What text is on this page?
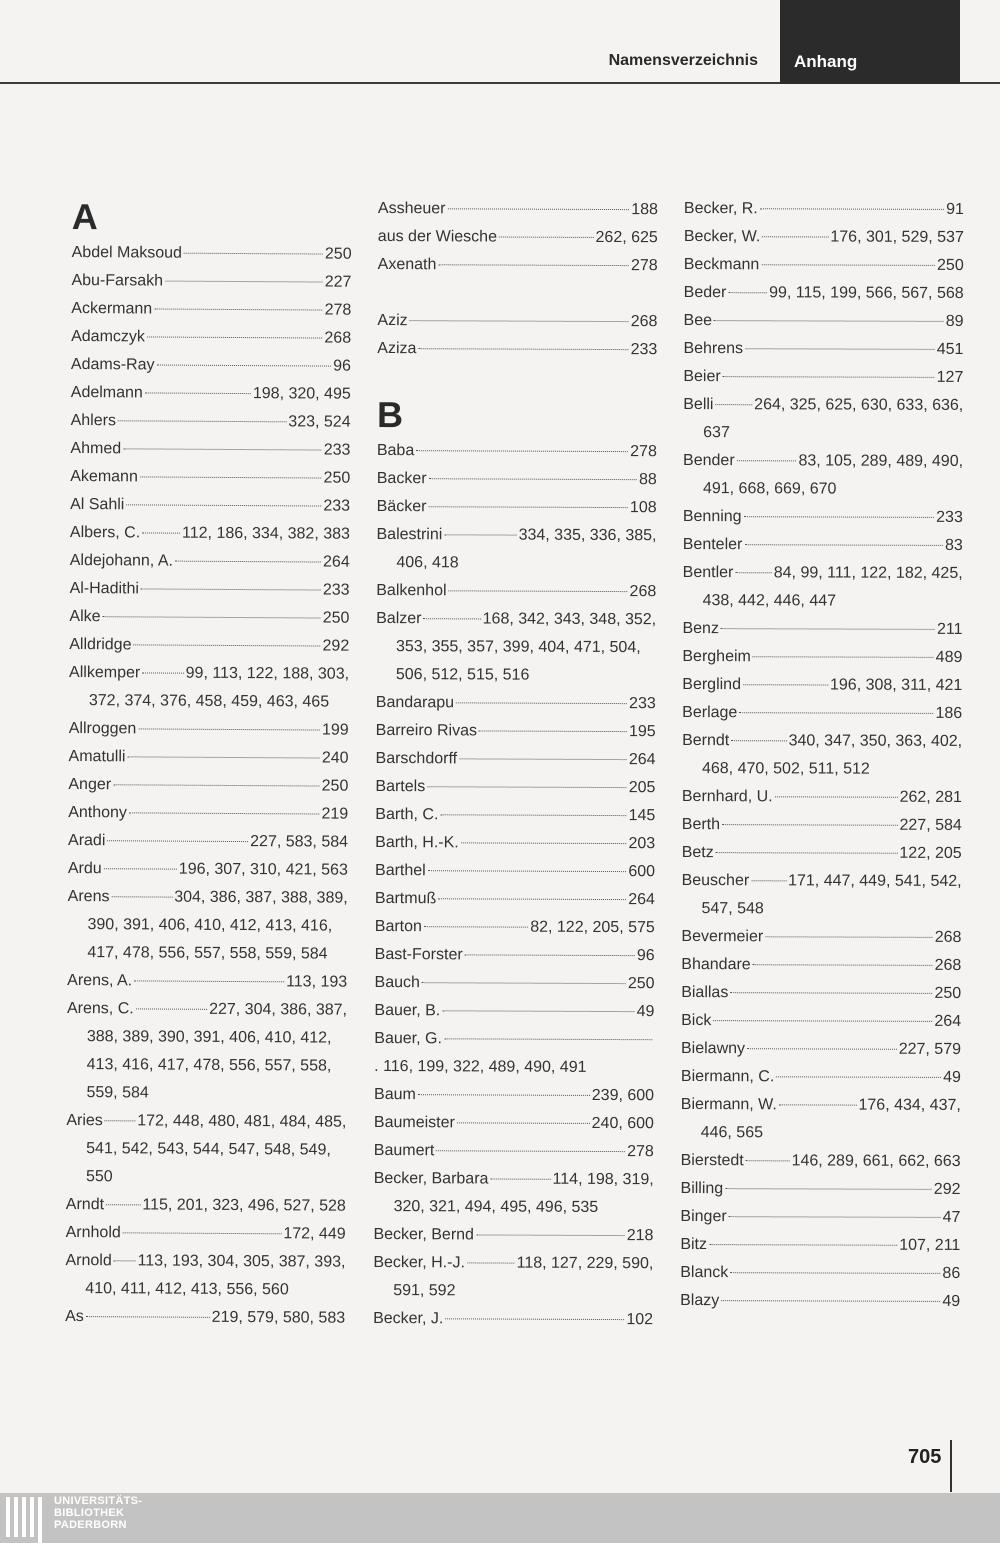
Namensverzeichnis Anhang
A
Abdel Maksoud	250
Abu-Farsakh	227
Ackermann	278
Adamczyk	268
Adams-Ray	96
Adelmann	198, 320, 495
Ahlers	323, 524
Ahmed	233
Akemann	250
Al Sahli	233
Albers, C.	112, 186, 334, 382, 383
Aldejohann, A.	264
Al-Hadithi	233
Alke	250
Alldridge	292
Allkemper	99, 113, 122, 188, 303,
372, 374, 376, 458, 459, 463, 465
Allroggen	199
Amatulli	240
Anger	250
Anthony	219
Aradi	227, 583, 584
Ardu	196, 307, 310, 421, 563
Arens	304, 386, 387, 388, 389,
390, 391, 406, 410, 412, 413, 416,
417, 478, 556, 557, 558, 559, 584
Arens, A.	113, 193
Arens, C.	227, 304, 386, 387,
388, 389, 390, 391, 406, 410, 412,
413, 416, 417, 478, 556, 557, 558,
559, 584
Aries 172, 448, 480, 481, 484, 485,
541, 542, 543, 544, 547, 548, 549,
550
Arndt 115, 201, 323, 496, 527, 528
Arnhold	172, 449
Arnold 113, 193, 304, 305, 387, 393,
410, 411, 412, 413, 556, 560
As	219, 579, 580, 583
Assheuer	188
aus der Wiesche	262, 625
Axenath	278
Aziz	268
Aziza	233
B
Baba	278
Backer	88
Bäcker	108
Balestrini	334, 335, 336, 385,
406, 418
Balkenhol	268
Balzer	168, 342, 343, 348, 352,
353, 355, 357, 399, 404, 471, 504,
506, 512, 515, 516
Bandarapu	233
Barreiro Rivas	195
Barschdorff	264
Bartels	205
Barth, C.	145
Barth, H.-K.	203
Barthel	600
Bartmuß	264
Barton	82, 122, 205, 575
Bast-Forster	96
Bauch	250
Bauer, B.	49
Bauer, G.
. 116, 199, 322, 489, 490, 491
Baum	239, 600
Baumeister	240, 600
Baumert	278
Becker, Barbara	114, 198, 319,
320, 321, 494, 495, 496, 535
Becker, Bernd	218
Becker, H.-J.	118, 127, 229, 590,
591, 592
Becker, J.	102
Becker, R.	91
Becker, W.	176, 301, 529, 537
Beckmann	250
Beder	99, 115, 199, 566, 567, 568
Bee	89
Behrens	451
Beier	127
Belli	264, 325, 625, 630, 633, 636,
637
Bender	83, 105, 289, 489, 490,
491, 668, 669, 670
Benning	233
Benteler	83
Bentler	84, 99, 111, 122, 182, 425,
438, 442, 446, 447
Benz	211
Bergheim	489
Berglind	196, 308, 311, 421
Berlage	186
Berndt	340, 347, 350, 363, 402,
468, 470, 502, 511, 512
Bernhard, U.	262, 281
Berth	227, 584
Betz	122, 205
Beuscher 171, 447, 449, 541, 542,
547, 548
Bevermeier	268
Bhandare	268
Biallas	250
Bick	264
Bielawny	227, 579
Biermann, C.	49
Biermann, W.	176, 434, 437,
446, 565
Bierstedt	146, 289, 661, 662, 663
Billing	292
Binger	47
Bitz	107, 211
Blanck	86
Blazy	49
705
UNIVERSITÄTS-
BIBLIOTHEK
PADERBORN
